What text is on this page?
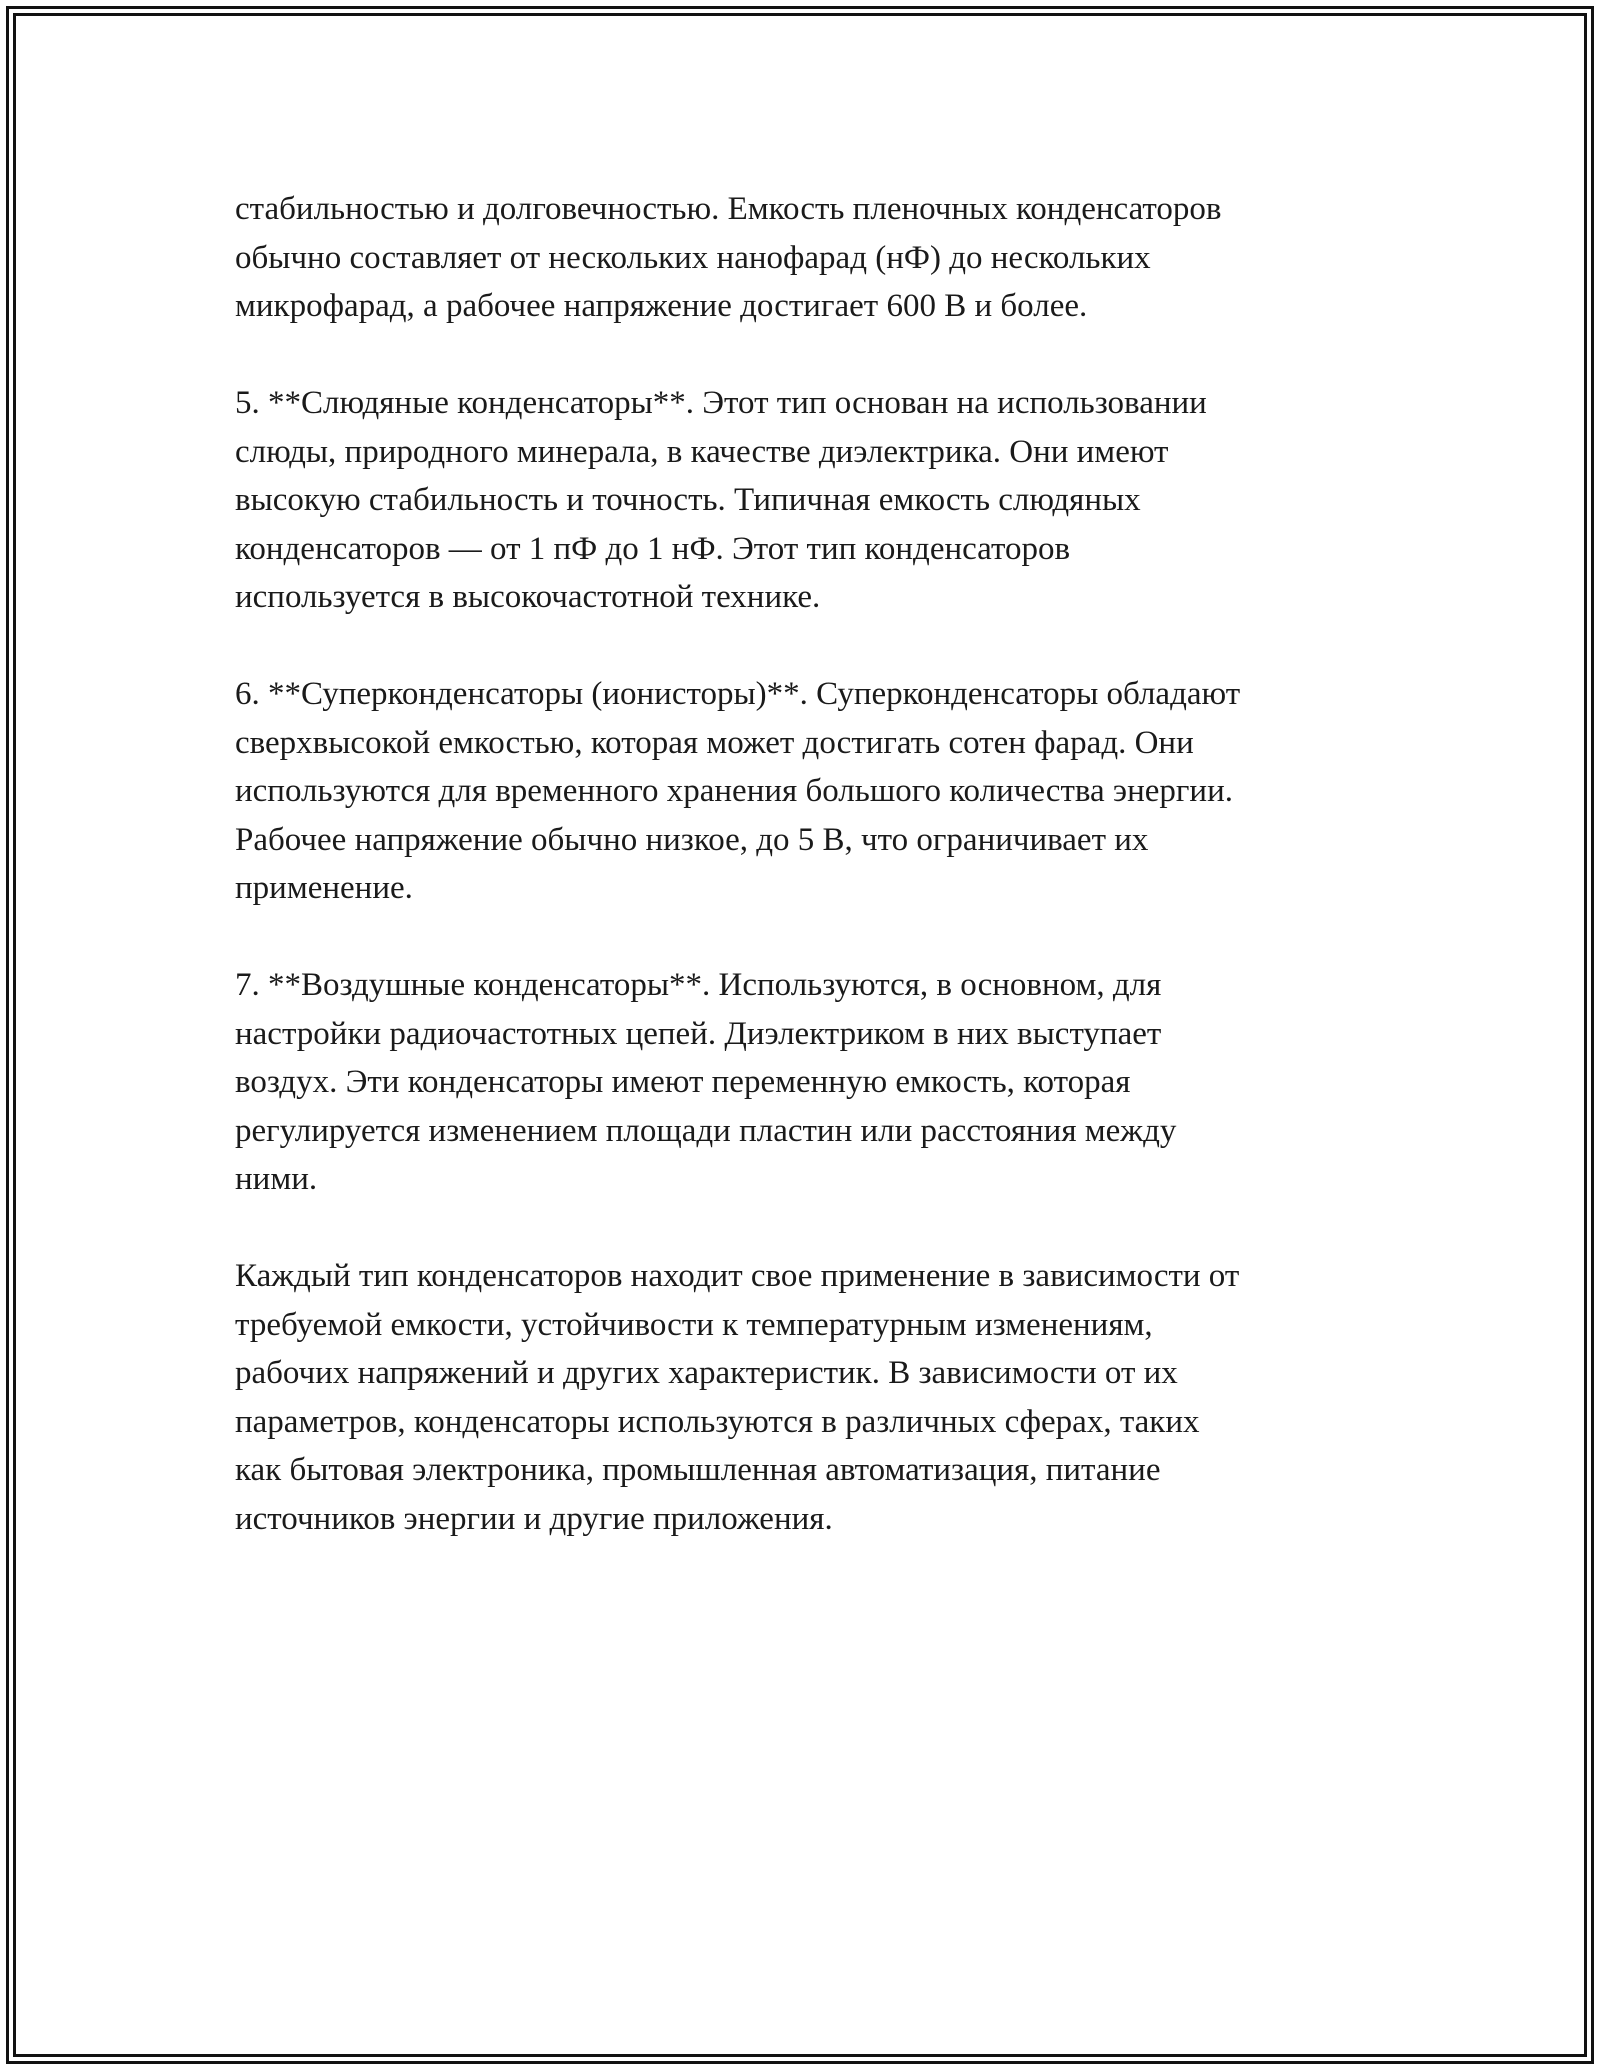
стабильностью и долговечностью. Емкость пленочных конденсаторов
обычно составляет от нескольких нанофарад (нФ) до нескольких
микрофарад, а рабочее напряжение достигает 600 В и более.

5. **Слюдяные конденсаторы**. Этот тип основан на использовании
слюды, природного минерала, в качестве диэлектрика. Они имеют
высокую стабильность и точность. Типичная емкость слюдяных
конденсаторов — от 1 пФ до 1 нФ. Этот тип конденсаторов
используется в высокочастотной технике.

6. **Суперконденсаторы (ионисторы)**. Суперконденсаторы обладают
сверхвысокой емкостью, которая может достигать сотен фарад. Они
используются для временного хранения большого количества энергии.
Рабочее напряжение обычно низкое, до 5 В, что ограничивает их
применение.

7. **Воздушные конденсаторы**. Используются, в основном, для
настройки радиочастотных цепей. Диэлектриком в них выступает
воздух. Эти конденсаторы имеют переменную емкость, которая
регулируется изменением площади пластин или расстояния между
ними.

Каждый тип конденсаторов находит свое применение в зависимости от
требуемой емкости, устойчивости к температурным изменениям,
рабочих напряжений и других характеристик. В зависимости от их
параметров, конденсаторы используются в различных сферах, таких
как бытовая электроника, промышленная автоматизация, питание
источников энергии и другие приложения.
